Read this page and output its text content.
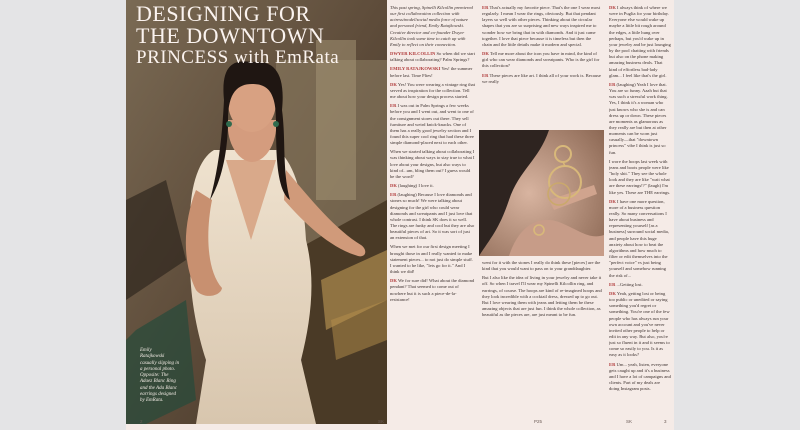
DESIGNING FOR
THE DOWNTOWN
PRINCESS with EmRata
Emily
Ratajkowski
casually slipping in
a personal photo.
Opposite: The
Adaez Blanc Ring
and the Ada Blanc
earrings designed
by EmRata.

This past spring, Spinelli Kilcollin premiered our first collaboration collection with actress/model/social media force of nature and personal friend, Emily Ratajkowski. Creative director and co-founder Dwyer Kilcollin took some time to catch up with Emily to reflect on their connection.

DWYER KILCOLLIN So when did we start talking about collaborating? Palm Springs?

EMILY RATAJKOWSKI Yes! the summer before last. Time Flies!

DK Yes! You were wearing a vintage ring that served as inspiration for the collection. Tell me about how your design process started.

ER I was out in Palm Springs a few weeks before you and I went out, and went to one of the consignment stores out there. They sell furniture and weird knick-knacks. One of them has a really good jewelry section and I found this super cool ring that had these three simple diamond-placed next to each other.

When we started talking about collaborating I was thinking about ways to stay true to what I love about your designs, but also ways to kind of...um, bling them out? I guess would be the word?

DK (laughing) I love it.

ER (laughing) Because I love diamonds and stones so much! We were talking about designing for the girl who could wear diamonds and sweatpants and I just love that whole contrast. I think SK does it so well. The rings are funky and cool but they are also beautiful pieces of art. So it was sort of just an extension of that.

When we met for our first design meeting I brought those in and I really wanted to make statement pieces... to not just do simple stuff. I wanted to be like, "lets go for it." And I think we did!

DK We for sure did! What about the diamond pendant? That seemed to come out of nowhere but it is such a piece-de-la-resistance!

ER That's actually my favorite piece. That's the one I wear most regularly. I mean I wear the rings, obviously. But that pendant layers so well with other pieces. Thinking about the circular shapes that you are so surprising and new ways inspired me to wonder how we bring that in with diamonds. And it just came together. I love that piece because it is timeless but then the chain and the little details make it modern and special.

DK Tell me more about the icon you have in mind, the kind of girl who can wear diamonds and sweatpants. Who is the girl for this collection?

ER These pieces are like art. I think all of your work is. Because we really

went for it with the stones I really do think these [pieces] are the kind that you would want to pass on to your granddaughter.

But I also like the idea of living in your jewelry and never take it off. So when I travel I'll wear my Spinelli Kilcollin ring, and earrings, of course. The hoops are kind of re-imagined hoops and they look incredible with a cocktail dress, dressed up to go out. But I love wearing them with jeans and letting them be these amazing objects that are just fun. I think the whole collection, as beautiful as the pieces are, are just meant to be fun.

DK I always think of where we were in Puglia for your birthday. Everyone else would wake up maybe a little bit rough around the edges, a little hung over perhaps, but you'd wake up in your jewelry and be just lounging by the pool chatting with friends but also on the phone making amazing business deals. That kind of effortless bad-lady glam... I feel like that's the girl.

ER (laughing) Yeah I love that. You are so funny. Aaah but that was such a stressful work thing. Yes, I think it's a woman who just knows who she is and can dress up or down. These pieces are moments as glamorous as they really are but then at other moments can be worn just casually—that "downtown princess" vibe I think is just so fun.

I wore the hoops last week with jeans and boots people were like "holy shit." They see the whole look and they are like "wait what are these earrings!?" (laugh) I'm like yes. These are THE earrings.

DK I have one more question, more of a business question really. So many conversations I have about business and representing yourself [as a business] surround social media, and people have this huge anxiety about how to beat the algorithms and how much to filter or edit themselves into the "perfect voice" vs just being yourself and somehow running the risk of...

ER ...Getting lost.

DK Yeah, getting lost or being too public or unedited or saying something you'd regret or something. You're one of the few people who has always run your own account and you've never invited other people to help or edit in any way. But also, you're just so fluent in it and it seems to come so easily to you. Is it as easy as it looks?

ER Um... yeah, listen, everyone gets caught up and it's a business and I have a lot of campaigns and clients. Part of my deals are doing Instagram posts.

2	SK	P25	SK	3
